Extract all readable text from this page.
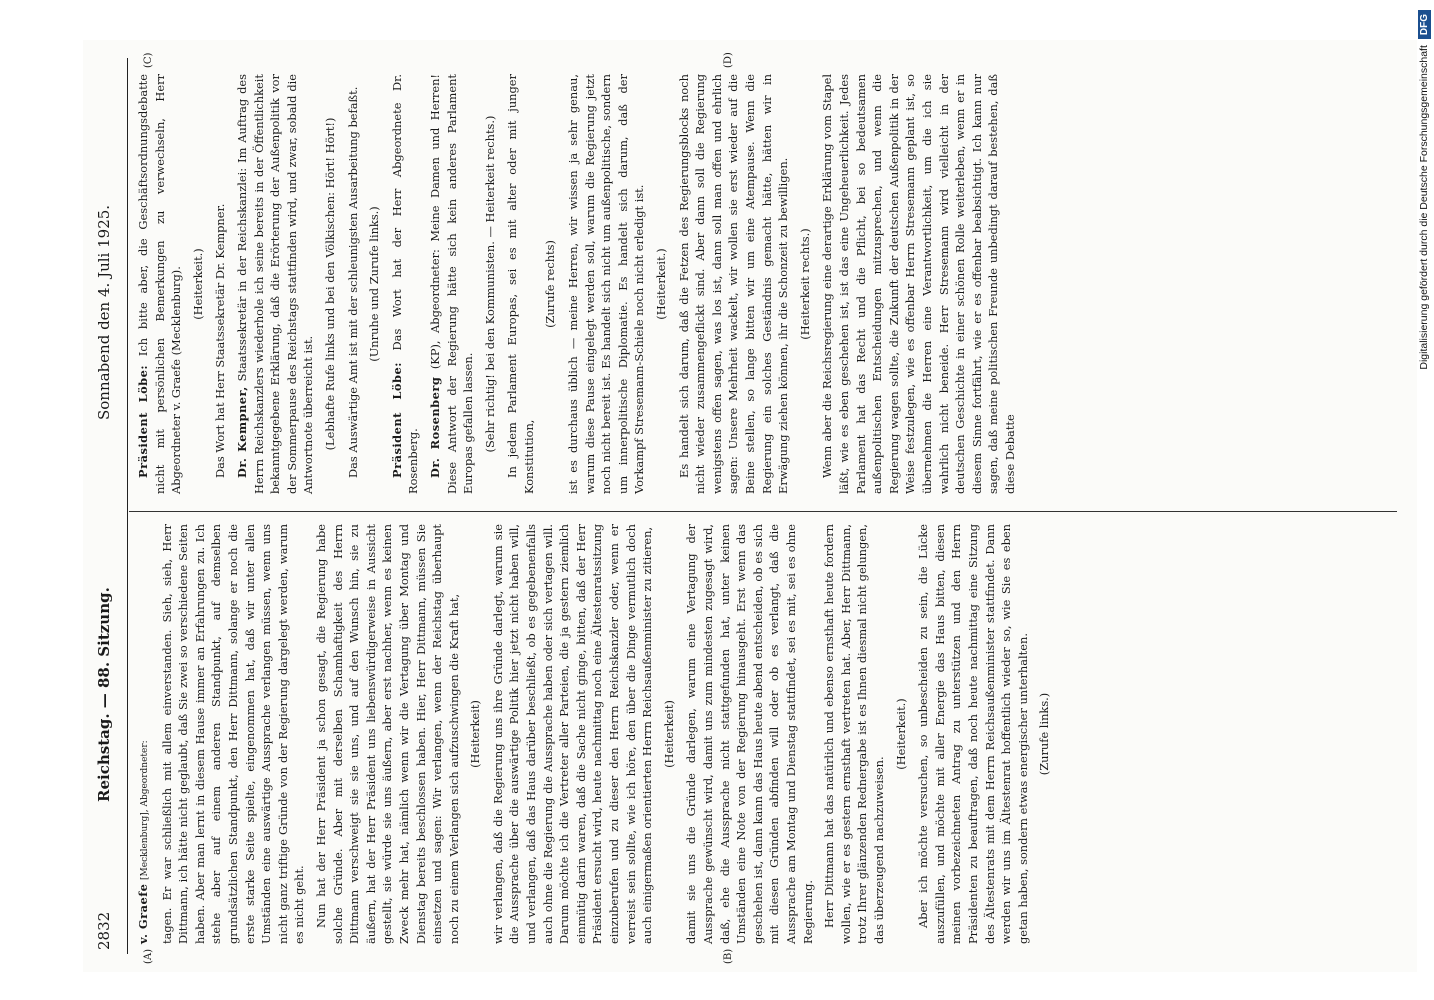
2832
Reichstag. — 88. Sitzung.
Sonnabend den 4. Juli 1925.
(A)	(B)
(C)	(D)

v. Graefe [Mecklenburg], Abgeordneter: tagen. Er war schließlich mit allem einverstanden. Sieh, sieh, Herr Dittmann, ich hätte nicht geglaubt, daß Sie zwei so verschiedene Seiten haben. Aber man lernt in diesem Hause immer an Erfahrungen zu. Ich stehe aber auf einem anderen Standpunkt, auf demselben grundsätzlichen Standpunkt, den Herr Dittmann, solange er noch die erste starke Seite spielte, eingenommen hat, daß wir unter allen Umständen eine auswärtige Aussprache verlangen müssen, wenn uns nicht ganz triftige Gründe von der Regierung dargelegt werden, warum es nicht geht. Nun hat der Herr Präsident ja schon gesagt, die Regierung habe solche Gründe. Aber mit derselben Schamhaftigkeit des Herrn Dittmann verschweigt sie sie uns, und auf den Wunsch hin, sie zu äußern, hat der Herr Präsident uns liebenswürdigerweise in Aussicht gestellt, sie würde sie uns äußern, aber erst nachher, wenn es keinen Zweck mehr hat, nämlich wenn wir die Vertagung über Montag und Dienstag bereits beschlossen haben. Hier, Herr Dittmann, müssen Sie einsetzen und sagen: Wir verlangen, wenn der Reichstag überhaupt noch zu einem Verlangen sich aufzuschwingen die Kraft hat, (Heiterkeit) wir verlangen, daß die Regierung uns ihre Gründe darlegt, warum sie die Aussprache über die auswärtige Politik hier jetzt nicht haben will, und verlangen, daß das Haus darüber beschließt, ob es gegebenenfalls auch ohne die Regierung die Aussprache haben oder sich vertagen will. Darum möchte ich die Vertreter aller Parteien, die ja gestern ziemlich einmütig darin waren, daß die Sache nicht ginge, bitten, daß der Herr Präsident ersucht wird, heute nachmittag noch eine Ältestenratssitzung einzuberufen und zu dieser den Herrn Reichskanzler oder, wenn er verreist sein sollte, wie ich höre, den über die Dinge vermutlich doch auch einigermaßen orientierten Herrn Reichsaußenminister zu zitieren, (Heiterkeit) damit sie uns die Gründe darlegen, warum eine Vertagung der Aussprache gewünscht wird, damit uns zum mindesten zugesagt wird, daß, ehe die Aussprache nicht stattgefunden hat, unter keinen Umständen eine Note von der Regierung hinausgeht. Erst wenn das geschehen ist, dann kann das Haus heute abend entscheiden, ob es sich mit diesen Gründen abfinden will oder ob es verlangt, daß die Aussprache am Montag und Dienstag stattfindet, sei es mit, sei es ohne Regierung. Herr Dittmann hat das natürlich und ebenso ernsthaft heute fordern wollen, wie er es gestern ernsthaft vertreten hat. Aber, Herr Dittmann, trotz Ihrer glänzenden Rednergabe ist es Ihnen diesmal nicht gelungen, das überzeugend nachzuweisen.

(Heiterkeit.) Aber ich möchte versuchen, so unbescheiden zu sein, die Lücke auszufüllen, und möchte mit aller Energie das Haus bitten, diesen meinen vorbezeichneten Antrag zu unterstützen und den Herrn Präsidenten zu beauftragen, daß noch heute nachmittag eine Sitzung des Ältestenrats mit dem Herrn Reichsaußenminister stattfindet. Dann werden wir uns im Ältestenrat hoffentlich wieder so, wie Sie es eben getan haben, sondern etwas energischer unterhalten. (Zurufe links.)

Präsident Löbe: Ich bitte aber, die Geschäftsordnungsdebatte nicht mit persönlichen Bemerkungen zu verwechseln, Herr Abgeordneter v. Graefe (Mecklenburg). (Heiterkeit.) Das Wort hat Herr Staatssekretär Dr. Kempner. Dr. Kempner, Staatssekretär in der Reichskanzlei: Im Auftrag des Herrn Reichskanzlers wiederhole ich seine bereits in der Öffentlichkeit bekanntgegebene Erklärung, daß die Erörterung der Außenpolitik vor der Sommerpause des Reichstags stattfinden wird, und zwar, sobald die Antwortnote überreicht ist. (Lebhafte Rufe links und bei den Völkischen: Hört! Hört!) Das Auswärtige Amt ist mit der schleunigsten Ausarbeitung befaßt. (Unruhe und Zurufe links.)

Präsident Löbe: Das Wort hat der Herr Abgeordnete Dr. Rosenberg. Dr. Rosenberg (KP), Abgeordneter: Meine Damen und Herren! Diese Antwort der Regierung hätte sich kein anderes Parlament Europas gefallen lassen. (Sehr richtig! bei den Kommunisten. — Heiterkeit rechts.) In jedem Parlament Europas, sei es mit alter oder mit junger Konstitution,

(Zurufe rechts) ist es durchaus üblich — meine Herren, wir wissen ja sehr genau, warum diese Pause eingelegt werden soll, warum die Regierung jetzt noch nicht bereit ist. Es handelt sich nicht um außenpolitische, sondern um innerpolitische Diplomatie. Es handelt sich darum, daß der Vorkampf Stresemann-Schiele noch nicht erledigt ist. (Heiterkeit.) Es handelt sich darum, daß die Fetzen des Regierungsblocks noch nicht wieder zusammengeflickt sind. Aber dann soll die Regierung wenigstens offen sagen, was los ist, dann soll man offen und ehrlich sagen: Unsere Mehrheit wackelt, wir wollen sie erst wieder auf die Beine stellen, so lange bitten wir um eine Atempause. Wenn die Regierung ein solches Geständnis gemacht hätte, hätten wir in Erwägung ziehen können, ihr die Schonzeit zu bewilligen. (Heiterkeit rechts.) Wenn aber die Reichsregierung eine derartige Erklärung vom Stapel läßt, wie es eben geschehen ist, ist das eine Ungeheuerlichkeit. Jedes Parlament hat das Recht und die Pflicht, bei so bedeutsamen außenpolitischen Entscheidungen mitzusprechen, und wenn die Regierung wagen sollte, die Zukunft der deutschen Außenpolitik in der Weise festzulegen, wie es offenbar Herrn Stresemann geplant ist, so übernehmen die Herren eine Verantwortlichkeit, um die ich sie wahrlich nicht beneide. Herr Stresemann wird vielleicht in der deutschen Geschichte in einer schönen Rolle weiterleben, wenn er in diesem Sinne fortfährt, wie er es offenbar beabsichtigt. Ich kann nur sagen, daß meine politischen Freunde unbedingt darauf bestehen, daß diese Debatte

Digitalisierung gefördert durch die Deutsche Forschungsgemeinschaft
DFG
